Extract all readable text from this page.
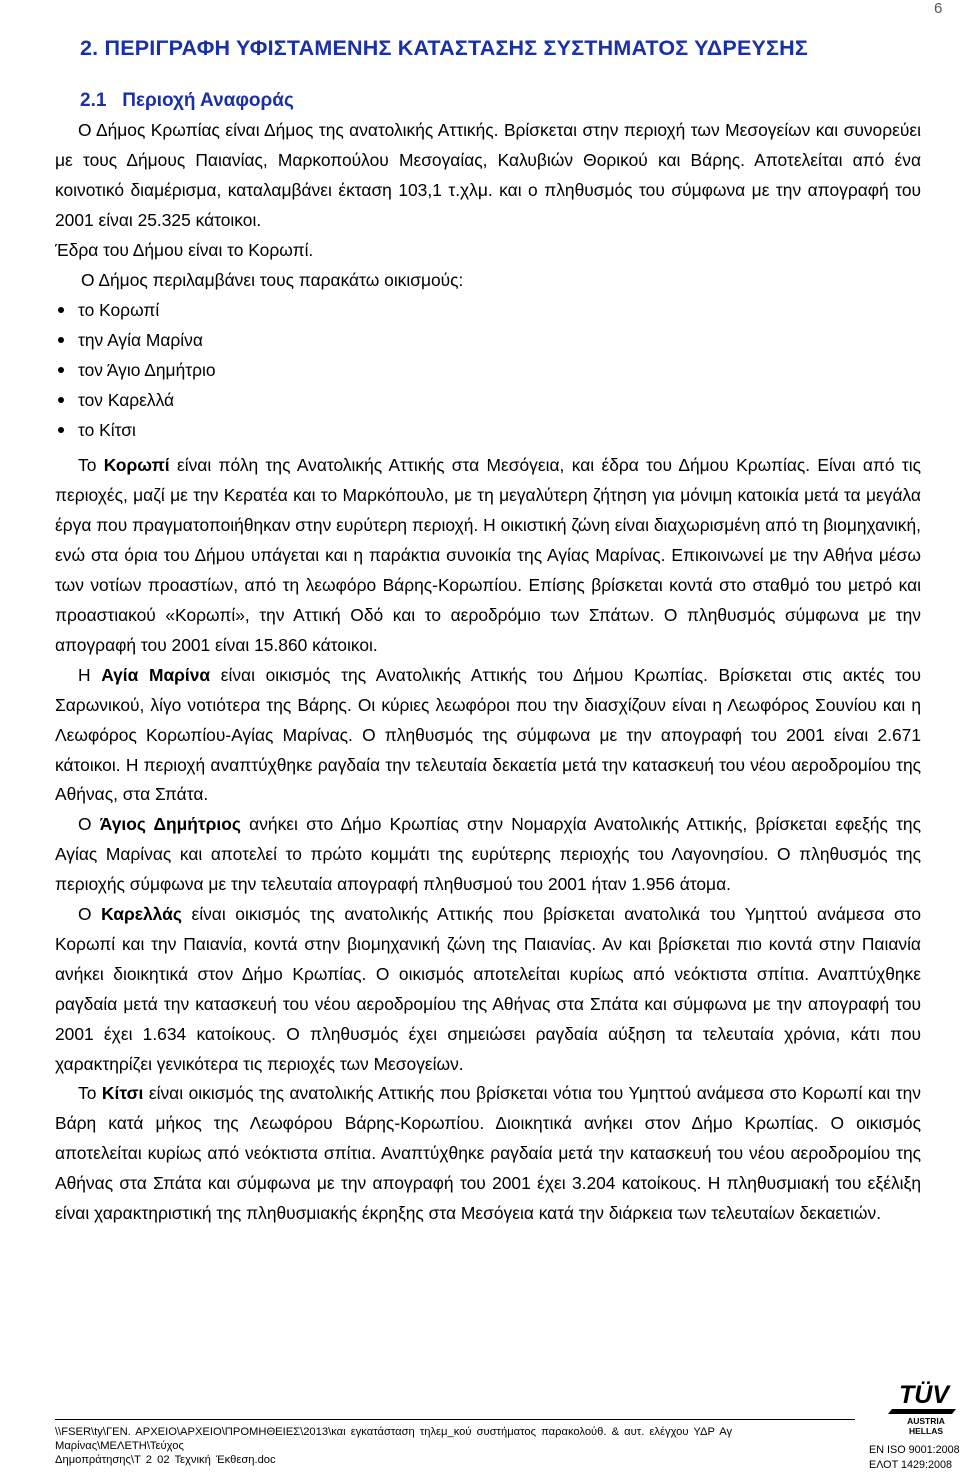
6
2. ΠΕΡΙΓΡΑΦΗ ΥΦΙΣΤΑΜΕΝΗΣ ΚΑΤΑΣΤΑΣΗΣ ΣΥΣΤΗΜΑΤΟΣ ΥΔΡΕΥΣΗΣ
2.1   Περιοχή Αναφοράς

Ο Δήμος Κρωπίας είναι Δήμος της ανατολικής Αττικής. Βρίσκεται στην περιοχή των Μεσογείων και συνορεύει με τους Δήμους Παιανίας, Μαρκοπούλου Μεσογαίας, Καλυβιών Θορικού και Βάρης. Αποτελείται από ένα κοινοτικό διαμέρισμα, καταλαμβάνει έκταση 103,1 τ.χλμ. και ο πληθυσμός του σύμφωνα με την απογραφή του 2001 είναι 25.325 κάτοικοι.

Έδρα του Δήμου είναι το Κορωπί.

Ο Δήμος περιλαμβάνει τους παρακάτω οικισμούς:

το Κορωπί
την Αγία Μαρίνα
τον Άγιο Δημήτριο
τον Καρελλά
το Κίτσι

Το Κορωπί είναι πόλη της Ανατολικής Αττικής στα Μεσόγεια, και έδρα του Δήμου Κρωπίας. Είναι από τις περιοχές, μαζί με την Κερατέα και το Μαρκόπουλο, με τη μεγαλύτερη ζήτηση για μόνιμη κατοικία μετά τα μεγάλα έργα που πραγματοποιήθηκαν στην ευρύτερη περιοχή. Η οικιστική ζώνη είναι διαχωρισμένη από τη βιομηχανική, ενώ στα όρια του Δήμου υπάγεται και η παράκτια συνοικία της Αγίας Μαρίνας. Επικοινωνεί με την Αθήνα μέσω των νοτίων προαστίων, από τη λεωφόρο Βάρης-Κορωπίου. Επίσης βρίσκεται κοντά στο σταθμό του μετρό και προαστιακού «Κορωπί», την Αττική Οδό και το αεροδρόμιο των Σπάτων. Ο πληθυσμός σύμφωνα με την απογραφή του 2001 είναι 15.860 κάτοικοι.

Η Αγία Μαρίνα είναι οικισμός της Ανατολικής Αττικής του Δήμου Κρωπίας. Βρίσκεται στις ακτές του Σαρωνικού, λίγο νοτιότερα της Βάρης. Οι κύριες λεωφόροι που την διασχίζουν είναι η Λεωφόρος Σουνίου και η Λεωφόρος Κορωπίου-Αγίας Μαρίνας. Ο πληθυσμός της σύμφωνα με την απογραφή του 2001 είναι 2.671 κάτοικοι. Η περιοχή αναπτύχθηκε ραγδαία την τελευταία δεκαετία μετά την κατασκευή του νέου αεροδρομίου της Αθήνας, στα Σπάτα.

Ο Άγιος Δημήτριος ανήκει στο Δήμο Κρωπίας στην Νομαρχία Ανατολικής Αττικής, βρίσκεται εφεξής της Αγίας Μαρίνας και αποτελεί το πρώτο κομμάτι της ευρύτερης περιοχής του Λαγονησίου. Ο πληθυσμός της περιοχής σύμφωνα με την τελευταία απογραφή πληθυσμού του 2001 ήταν 1.956 άτομα.

Ο Καρελλάς είναι οικισμός της ανατολικής Αττικής που βρίσκεται ανατολικά του Υμηττού ανάμεσα στο Κορωπί και την Παιανία, κοντά στην βιομηχανική ζώνη της Παιανίας. Αν και βρίσκεται πιο κοντά στην Παιανία ανήκει διοικητικά στον Δήμο Κρωπίας. Ο οικισμός αποτελείται κυρίως από νεόκτιστα σπίτια. Αναπτύχθηκε ραγδαία μετά την κατασκευή του νέου αεροδρομίου της Αθήνας στα Σπάτα και σύμφωνα με την απογραφή του 2001 έχει 1.634 κατοίκους. Ο πληθυσμός έχει σημειώσει ραγδαία αύξηση τα τελευταία χρόνια, κάτι που χαρακτηρίζει γενικότερα τις περιοχές των Μεσογείων.

Το Κίτσι είναι οικισμός της ανατολικής Αττικής που βρίσκεται νότια του Υμηττού ανάμεσα στο Κορωπί και την Βάρη κατά μήκος της Λεωφόρου Βάρης-Κορωπίου. Διοικητικά ανήκει στον Δήμο Κρωπίας. Ο οικισμός αποτελείται κυρίως από νεόκτιστα σπίτια. Αναπτύχθηκε ραγδαία μετά την κατασκευή του νέου αεροδρομίου της Αθήνας στα Σπάτα και σύμφωνα με την απογραφή του 2001 έχει 3.204 κατοίκους. Η πληθυσμιακή του εξέλιξη είναι χαρακτηριστική της πληθυσμιακής έκρηξης στα Μεσόγεια κατά την διάρκεια των τελευταίων δεκαετιών.

\\FSER\ty\ΓΕΝ. ΑΡΧΕΙΟ\ΑΡΧΕΙΟ\ΠΡΟΜΗΘΕΙΕΣ\2013\και εγκατάσταση τηλεμ_κού συστήματος παρακολούθ. & αυτ. ελέγχου ΥΔΡ Αγ Μαρίνας\ΜΕΛΕΤΗ\Τεύχος
Δημοπράτησης\Τ 2 02 Τεχνική Έκθεση.doc
TÜV
AUSTRIA
HELLAS
EN ISO 9001:2008
ΕΛΟΤ 1429:2008
